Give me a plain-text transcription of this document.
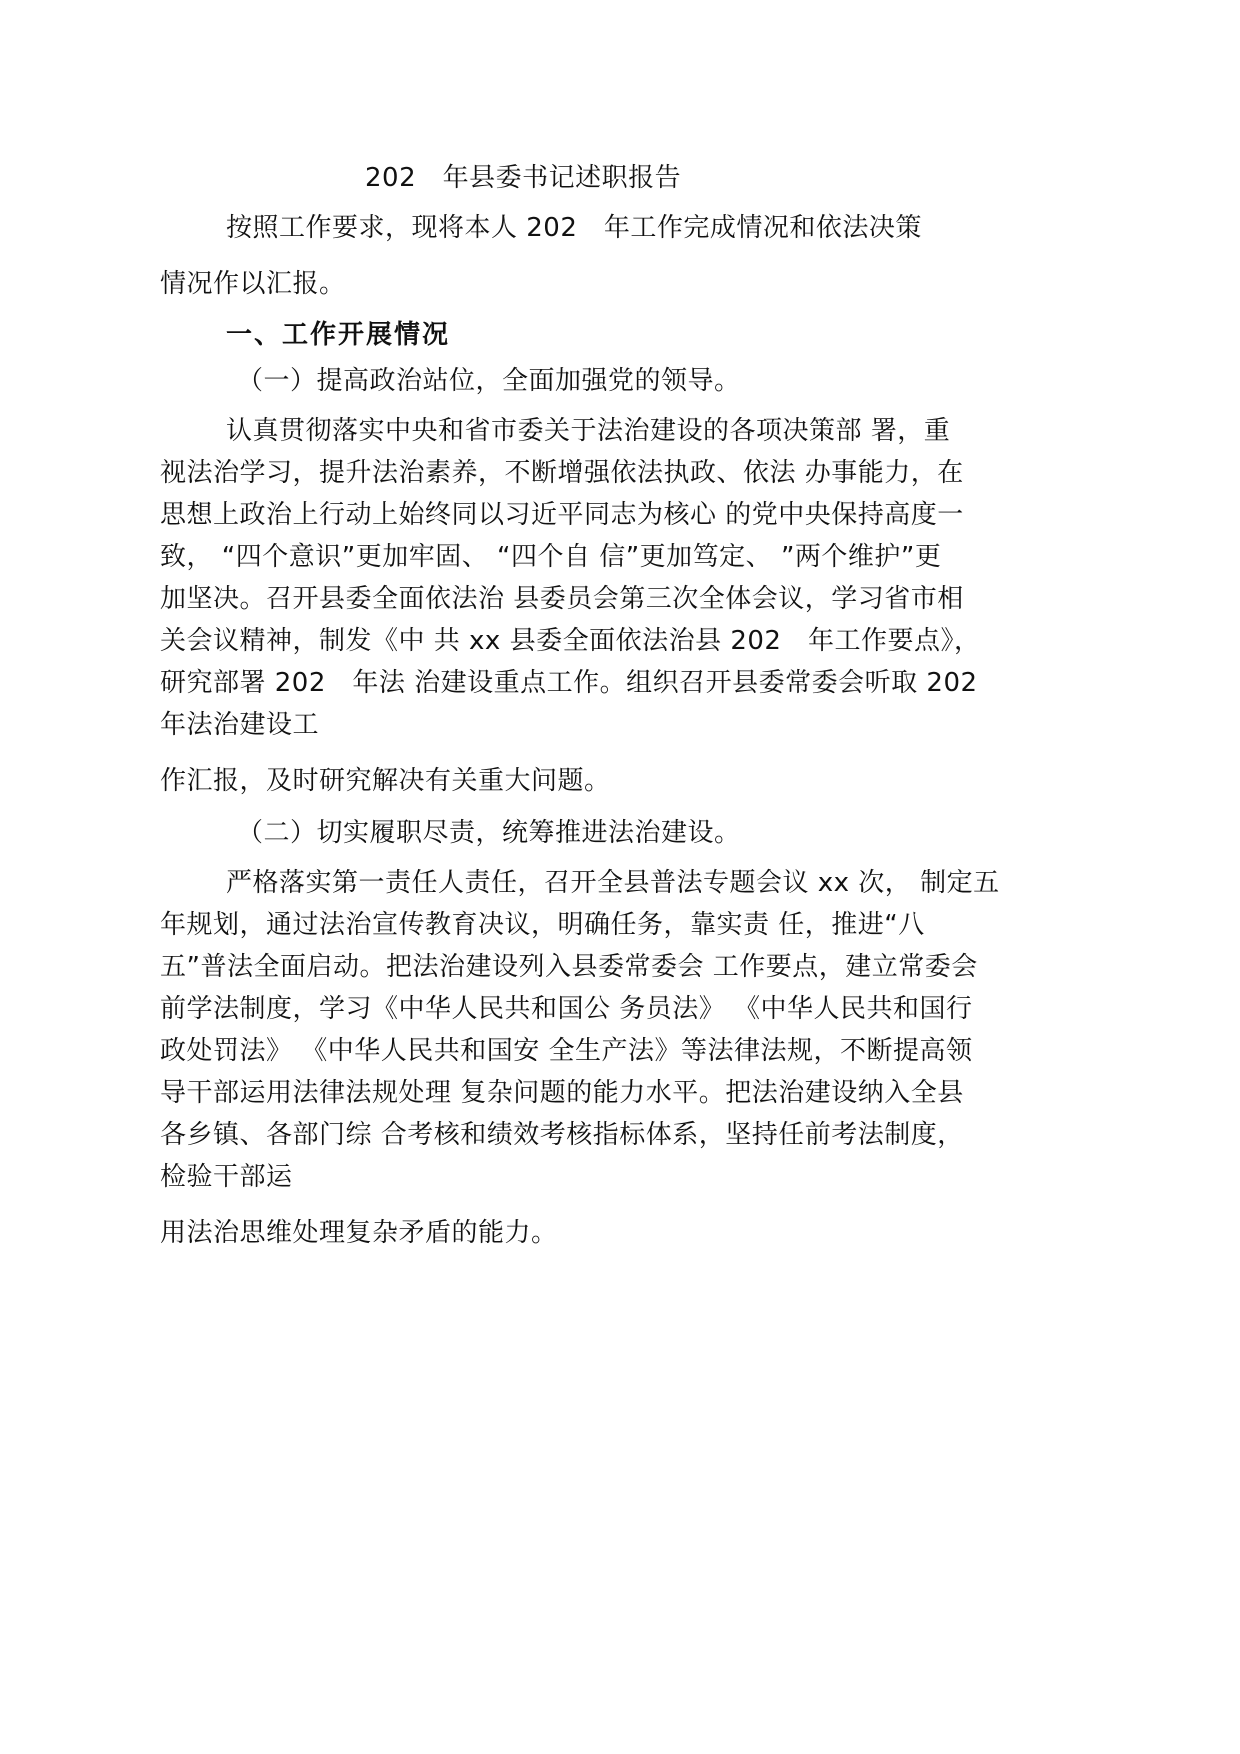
202　年县委书记述职报告
按照工作要求，现将本人 202　年工作完成情况和依法决策
情况作以汇报。
一、工作开展情况
（一）提高政治站位，全面加强党的领导。
认真贯彻落实中央和省市委关于法治建设的各项决策部 署，重
视法治学习，提升法治素养，不断增强依法执政、依法 办事能力，在
思想上政治上行动上始终同以习近平同志为核心 的党中央保持高度一
致， “四个意识”更加牢固、 “四个自 信”更加笃定、 ”两个维护”更
加坚决。召开县委全面依法治 县委员会第三次全体会议，学习省市相
关会议精神，制发《中 共 xx 县委全面依法治县 202　年工作要点》，
研究部署 202　年法 治建设重点工作。组织召开县委常委会听取 202
年法治建设工
作汇报，及时研究解决有关重大问题。
（二）切实履职尽责，统筹推进法治建设。
严格落实第一责任人责任，召开全县普法专题会议 xx 次， 制定五
年规划，通过法治宣传教育决议，明确任务，靠实责 任，推进“八
五”普法全面启动。把法治建设列入县委常委会 工作要点，建立常委会
前学法制度，学习《中华人民共和国公 务员法》 《中华人民共和国行
政处罚法》 《中华人民共和国安 全生产法》等法律法规，不断提高领
导干部运用法律法规处理 复杂问题的能力水平。把法治建设纳入全县
各乡镇、各部门综 合考核和绩效考核指标体系，坚持任前考法制度，
检验干部运
用法治思维处理复杂矛盾的能力。
